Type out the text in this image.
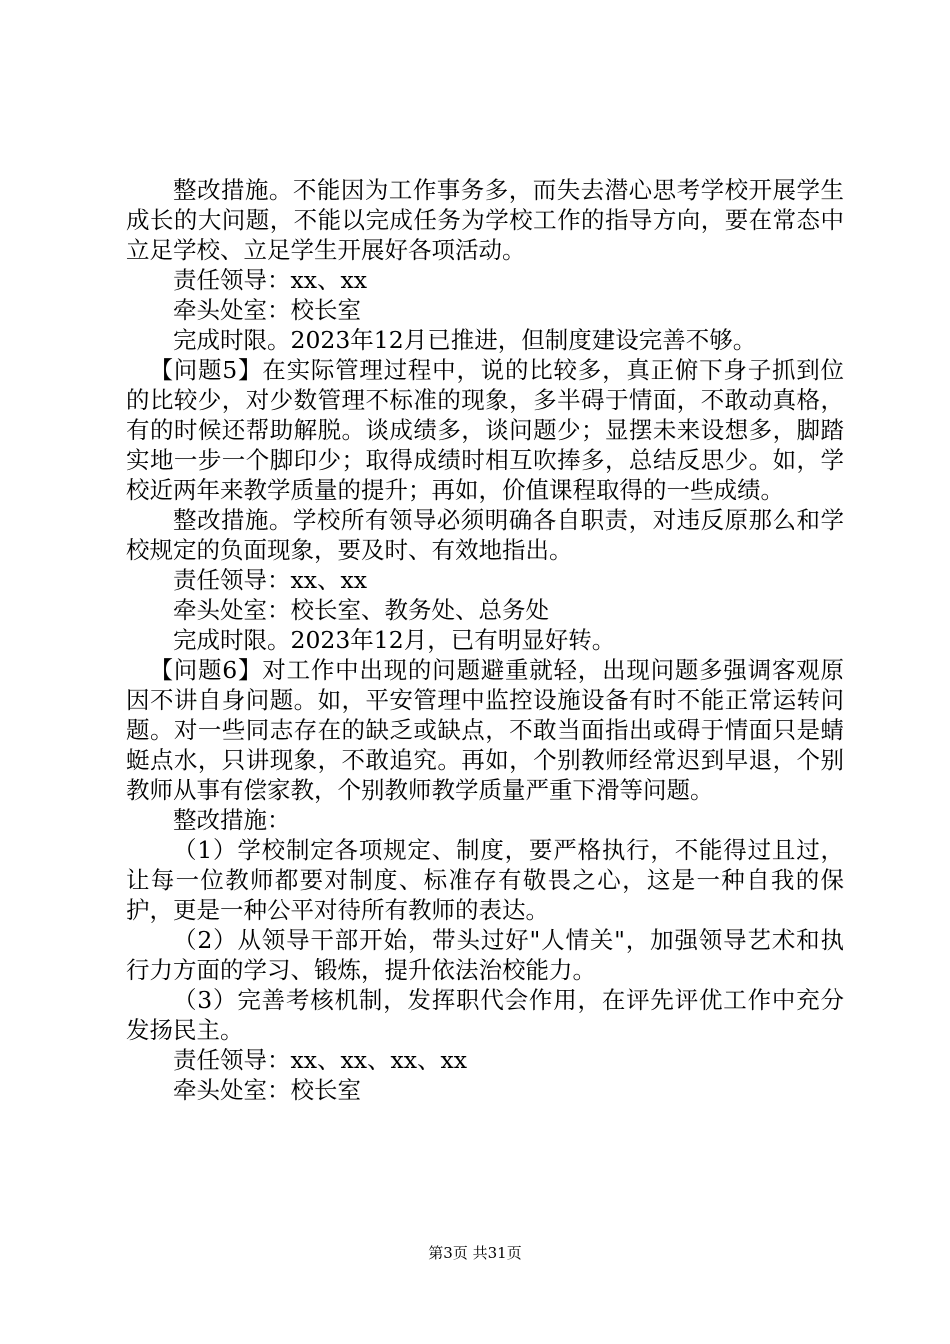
整改措施。不能因为工作事务多，而失去潜心思考学校开展学生成长的大问题，不能以完成任务为学校工作的指导方向，要在常态中立足学校、立足学生开展好各项活动。

责任领导：xx、xx

牵头处室：校长室

完成时限。2023年12月已推进，但制度建设完善不够。

【问题5】在实际管理过程中，说的比较多，真正俯下身子抓到位的比较少，对少数管理不标准的现象，多半碍于情面，不敢动真格，有的时候还帮助解脱。谈成绩多，谈问题少；显摆未来设想多，脚踏实地一步一个脚印少；取得成绩时相互吹捧多，总结反思少。如，学校近两年来教学质量的提升；再如，价值课程取得的一些成绩。

整改措施。学校所有领导必须明确各自职责，对违反原那么和学校规定的负面现象，要及时、有效地指出。

责任领导：xx、xx

牵头处室：校长室、教务处、总务处

完成时限。2023年12月，已有明显好转。

【问题6】对工作中出现的问题避重就轻，出现问题多强调客观原因不讲自身问题。如，平安管理中监控设施设备有时不能正常运转问题。对一些同志存在的缺乏或缺点，不敢当面指出或碍于情面只是蜻蜓点水，只讲现象，不敢追究。再如，个别教师经常迟到早退，个别教师从事有偿家教，个别教师教学质量严重下滑等问题。

整改措施：

（1）学校制定各项规定、制度，要严格执行，不能得过且过，让每一位教师都要对制度、标准存有敬畏之心，这是一种自我的保护，更是一种公平对待所有教师的表达。

（2）从领导干部开始，带头过好"人情关"，加强领导艺术和执行力方面的学习、锻炼，提升依法治校能力。

（3）完善考核机制，发挥职代会作用，在评先评优工作中充分发扬民主。

责任领导：xx、xx、xx、xx

牵头处室：校长室

第3页 共31页
